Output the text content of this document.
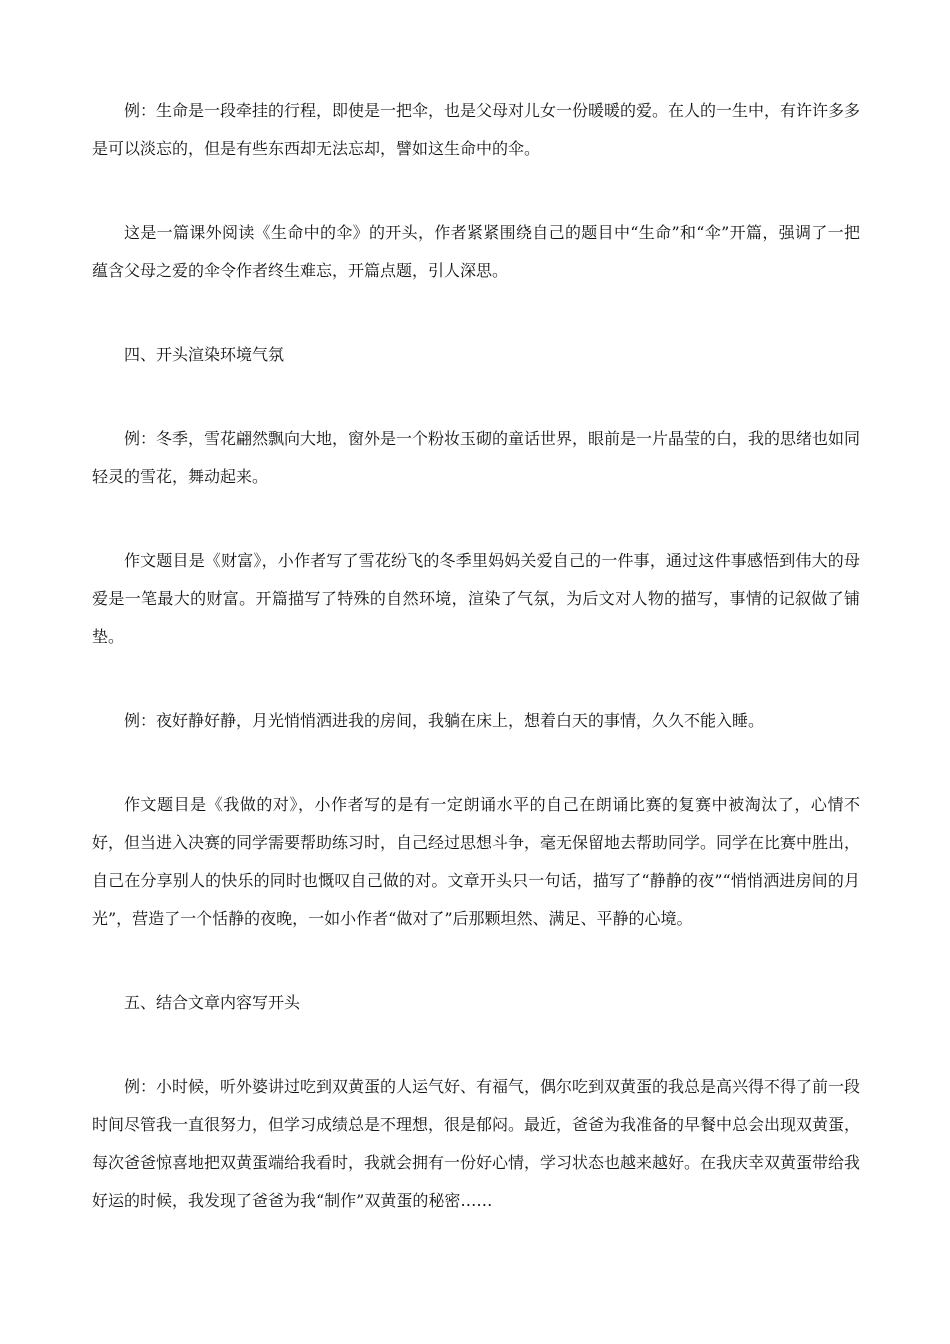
例：生命是一段牵挂的行程，即使是一把伞，也是父母对儿女一份暖暖的爱。在人的一生中，有许许多多是可以淡忘的，但是有些东西却无法忘却，譬如这生命中的伞。

这是一篇课外阅读《生命中的伞》的开头，作者紧紧围绕自己的题目中“生命”和“伞”开篇，强调了一把蕴含父母之爱的伞令作者终生难忘，开篇点题，引人深思。

四、开头渲染环境气氛

例：冬季，雪花翩然飘向大地，窗外是一个粉妆玉砌的童话世界，眼前是一片晶莹的白，我的思绪也如同轻灵的雪花，舞动起来。

作文题目是《财富》，小作者写了雪花纷飞的冬季里妈妈关爱自己的一件事，通过这件事感悟到伟大的母爱是一笔最大的财富。开篇描写了特殊的自然环境，渲染了气氛，为后文对人物的描写，事情的记叙做了铺垫。

例：夜好静好静，月光悄悄洒进我的房间，我躺在床上，想着白天的事情，久久不能入睡。

作文题目是《我做的对》，小作者写的是有一定朗诵水平的自己在朗诵比赛的复赛中被淘汰了，心情不好，但当进入决赛的同学需要帮助练习时，自己经过思想斗争，毫无保留地去帮助同学。同学在比赛中胜出，自己在分享别人的快乐的同时也慨叹自己做的对。文章开头只一句话，描写了“静静的夜”“悄悄洒进房间的月光”，营造了一个恬静的夜晚，一如小作者“做对了”后那颗坦然、满足、平静的心境。

五、结合文章内容写开头

例：小时候，听外婆讲过吃到双黄蛋的人运气好、有福气，偶尔吃到双黄蛋的我总是高兴得不得了前一段时间尽管我一直很努力，但学习成绩总是不理想，很是郁闷。最近，爸爸为我准备的早餐中总会出现双黄蛋，每次爸爸惊喜地把双黄蛋端给我看时，我就会拥有一份好心情，学习状态也越来越好。在我庆幸双黄蛋带给我好运的时候，我发现了爸爸为我“制作”双黄蛋的秘密……
